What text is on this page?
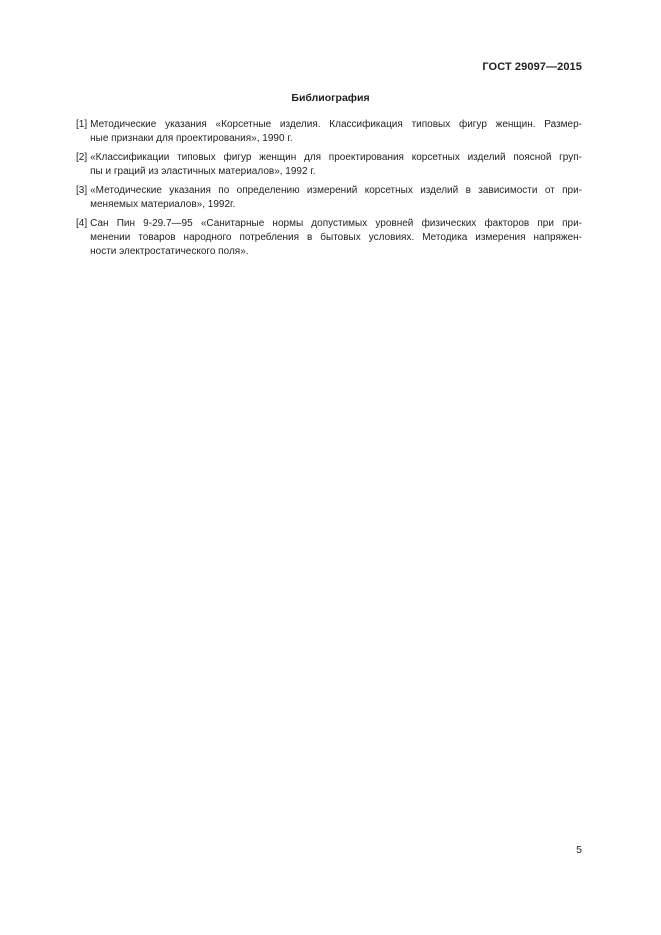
ГОСТ 29097—2015
Библиография
[1] Методические указания «Корсетные изделия. Классификация типовых фигур женщин. Размер-
ные признаки для проектирования», 1990 г.
[2] «Классификации типовых фигур женщин для проектирования корсетных изделий поясной груп-
пы и граций из эластичных материалов», 1992 г.
[3] «Методические указания по определению измерений корсетных изделий в зависимости от при-
меняемых материалов», 1992г.
[4] Сан Пин 9-29.7—95 «Санитарные нормы допустимых уровней физических факторов при при-
менении товаров народного потребления в бытовых условиях. Методика измерения напряжен-
ности электростатического поля».
5
